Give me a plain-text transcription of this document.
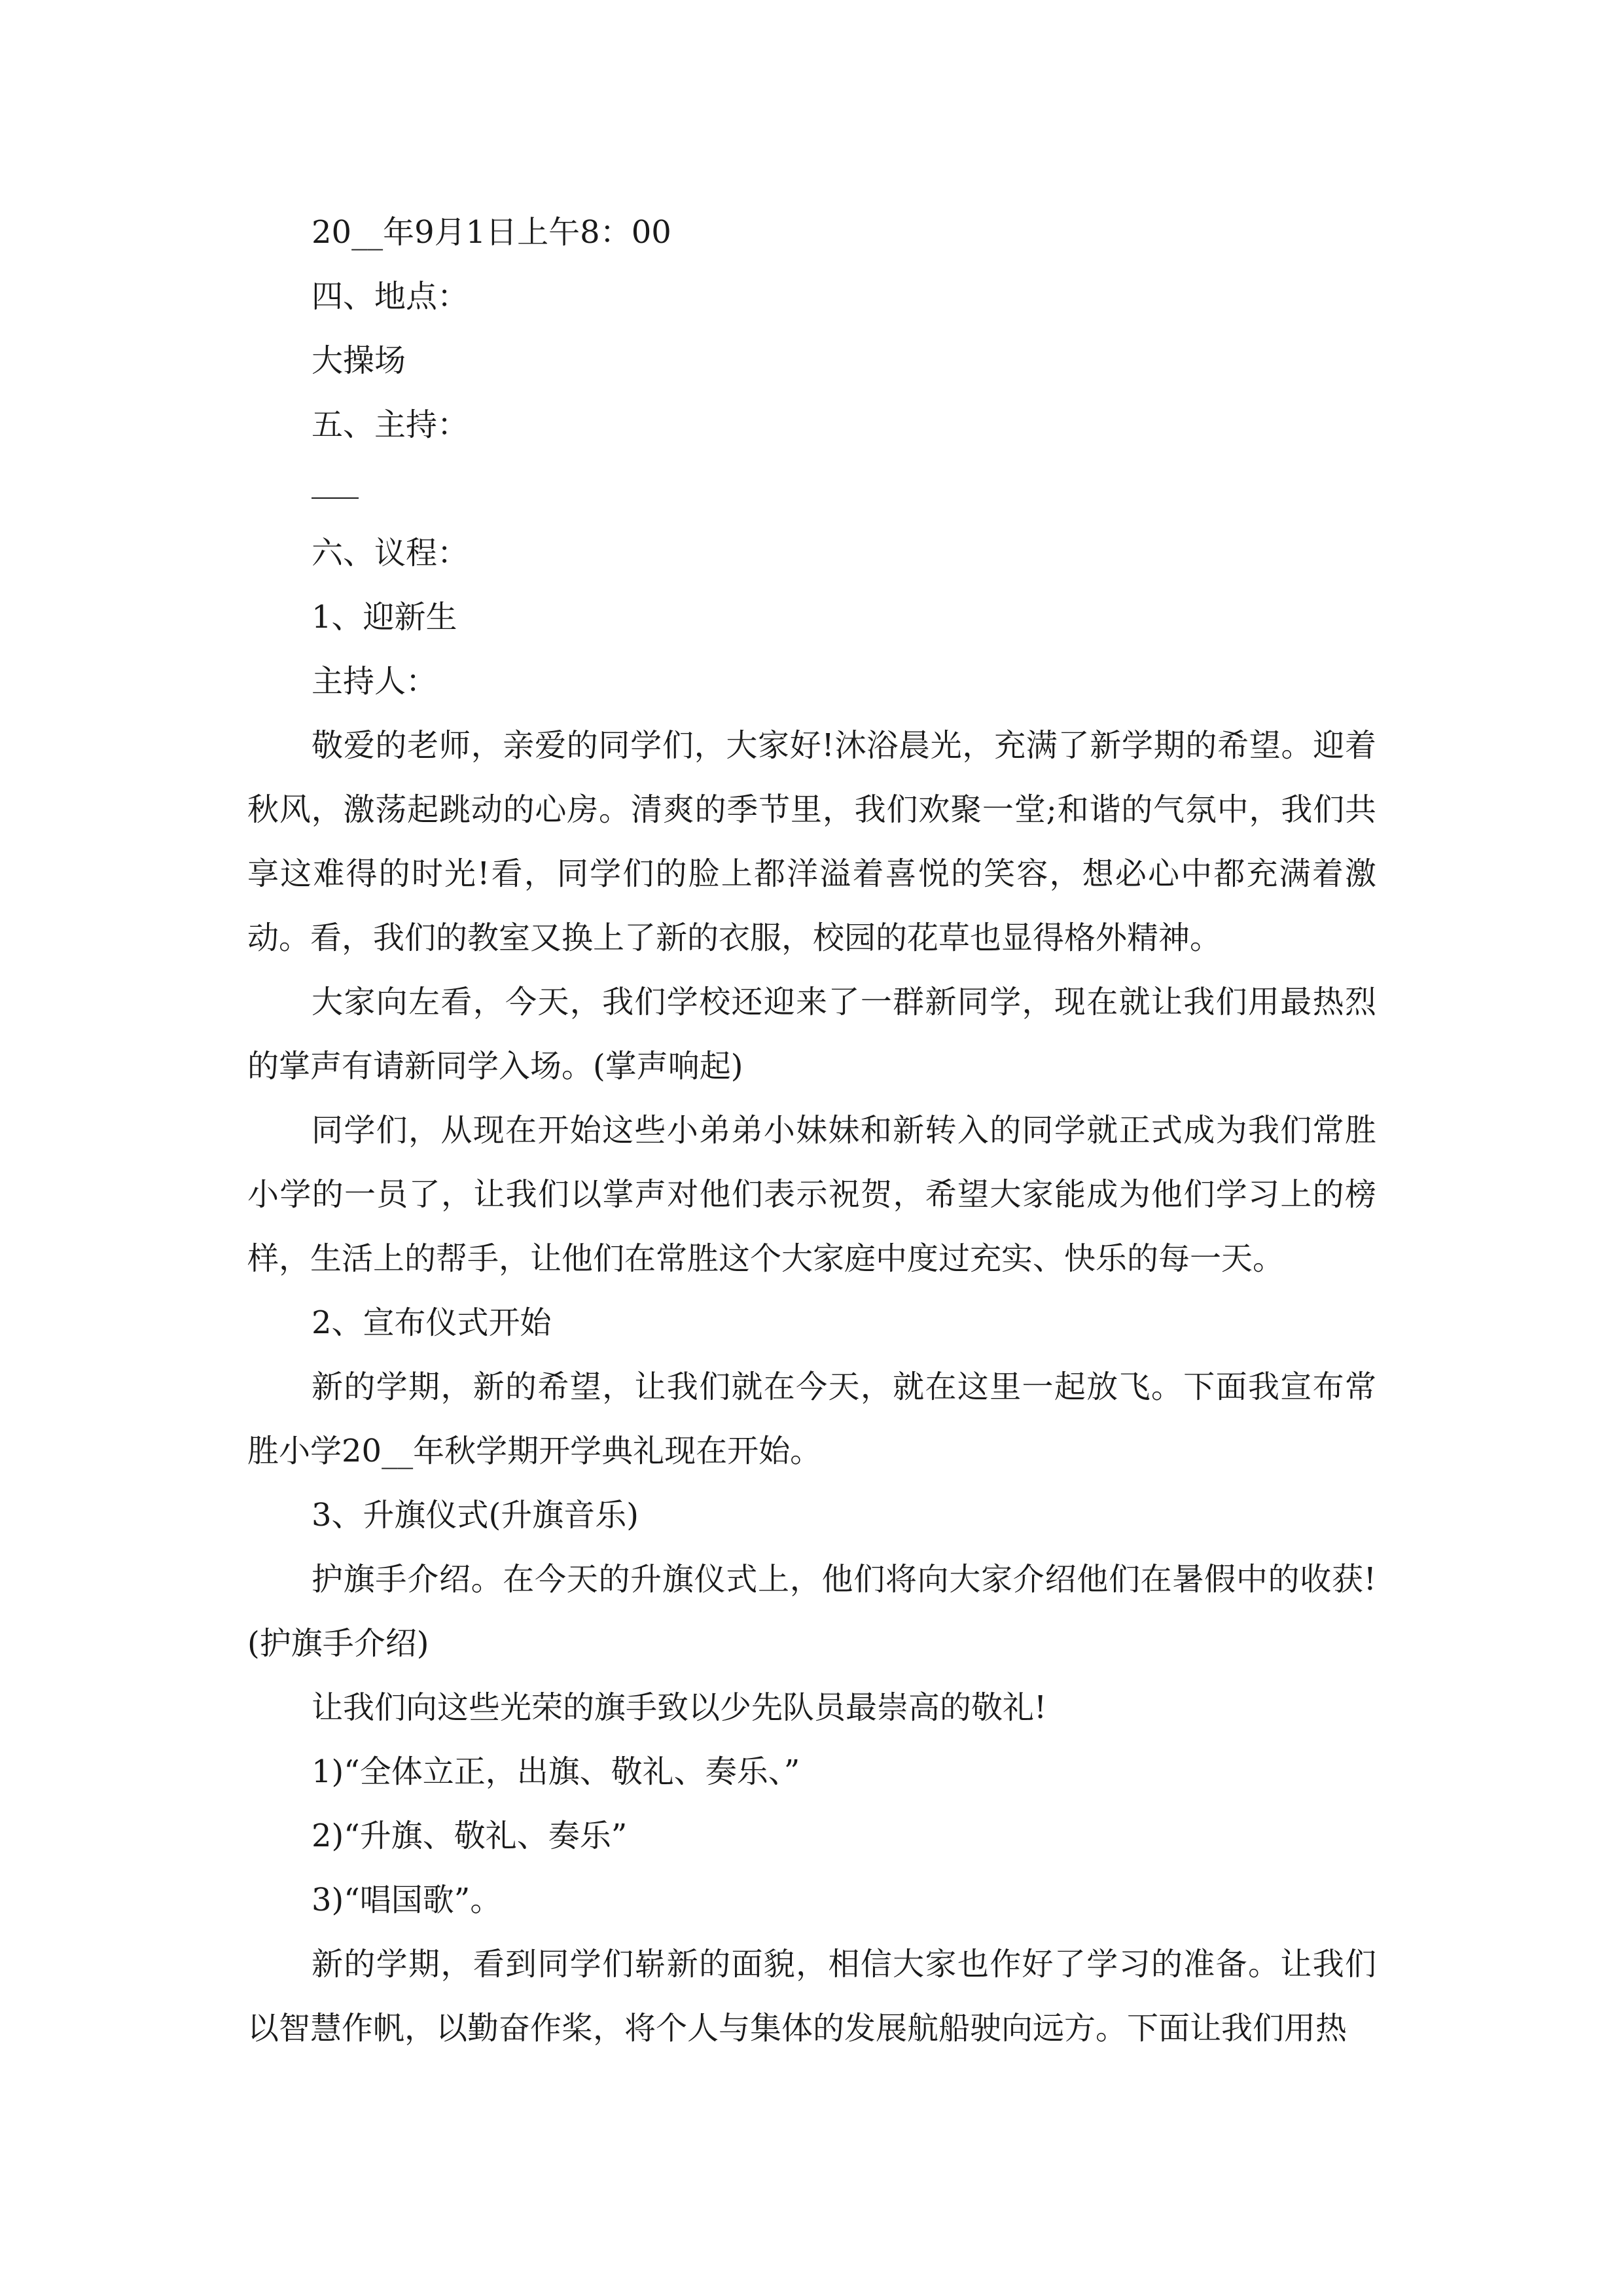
20__年9月1日上午8：00

四、地点：

大操场

五、主持：

六、议程：

1、迎新生

主持人：

敬爱的老师，亲爱的同学们，大家好!沐浴晨光，充满了新学期的希望。迎着秋风，激荡起跳动的心房。清爽的季节里，我们欢聚一堂;和谐的气氛中，我们共享这难得的时光!看，同学们的脸上都洋溢着喜悦的笑容，想必心中都充满着激动。看，我们的教室又换上了新的衣服，校园的花草也显得格外精神。

大家向左看，今天，我们学校还迎来了一群新同学，现在就让我们用最热烈的掌声有请新同学入场。(掌声响起)

同学们，从现在开始这些小弟弟小妹妹和新转入的同学就正式成为我们常胜小学的一员了，让我们以掌声对他们表示祝贺，希望大家能成为他们学习上的榜样，生活上的帮手，让他们在常胜这个大家庭中度过充实、快乐的每一天。

2、宣布仪式开始

新的学期，新的希望，让我们就在今天，就在这里一起放飞。下面我宣布常胜小学20__年秋学期开学典礼现在开始。

3、升旗仪式(升旗音乐)

护旗手介绍。在今天的升旗仪式上，他们将向大家介绍他们在暑假中的收获!(护旗手介绍)

让我们向这些光荣的旗手致以少先队员最崇高的敬礼!

1)“全体立正，出旗、敬礼、奏乐、”

2)“升旗、敬礼、奏乐”

3)“唱国歌”。

新的学期，看到同学们崭新的面貌，相信大家也作好了学习的准备。让我们以智慧作帆，以勤奋作桨，将个人与集体的发展航船驶向远方。下面让我们用热
